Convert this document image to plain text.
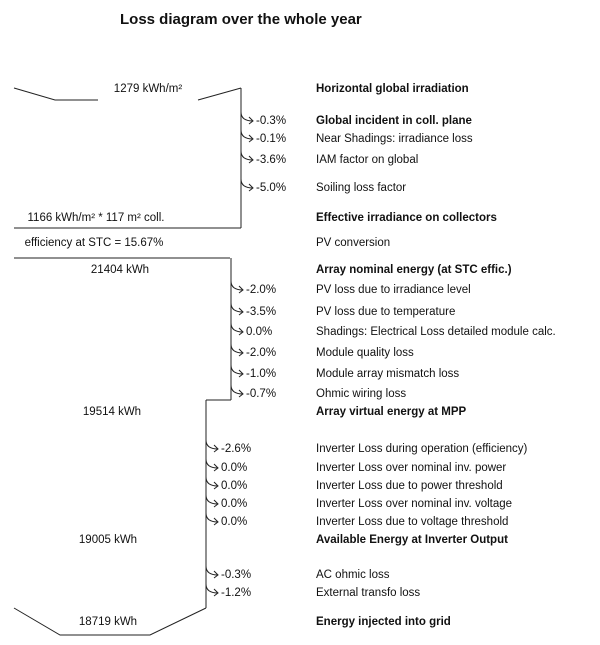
Loss diagram over the whole year
Horizontal global irradiation
1279 kWh/m²
Global incident in coll. plane
-0.3%
Near Shadings: irradiance loss
-0.1%
IAM factor on global
-3.6%
Soiling loss factor
-5.0%
Effective irradiance on collectors
1166 kWh/m² * 117 m² coll.
PV conversion
efficiency at STC = 15.67%
Array nominal energy (at STC effic.)
21404 kWh
PV loss due to irradiance level
-2.0%
PV loss due to temperature
-3.5%
Shadings: Electrical Loss detailed module calc.
0.0%
Module quality loss
-2.0%
Module array mismatch loss
-1.0%
Ohmic wiring loss
-0.7%
Array virtual energy at MPP
19514 kWh
Inverter Loss during operation (efficiency)
-2.6%
Inverter Loss over nominal inv. power
0.0%
Inverter Loss due to power threshold
0.0%
Inverter Loss over nominal inv. voltage
0.0%
Inverter Loss due to voltage threshold
0.0%
Available Energy at Inverter Output
19005 kWh
AC ohmic loss
-0.3%
External transfo loss
-1.2%
Energy injected into grid
18719 kWh
